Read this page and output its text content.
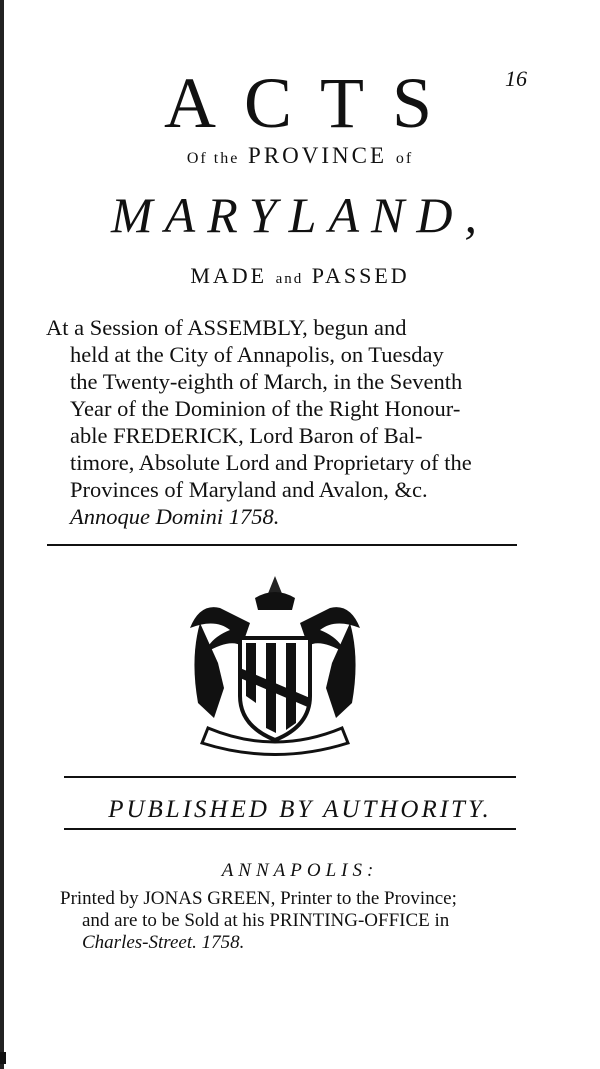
ACTS	16
Of the PROVINCE of
MARYLAND,
MADE and PASSED
At a Session of ASSEMBLY, begun and
held at the City of Annapolis, on Tuesday
the Twenty-eighth of March, in the Seventh
Year of the Dominion of the Right Honour-
able FREDERICK, Lord Baron of Bal-
timore, Absolute Lord and Proprietary of the
Provinces of Maryland and Avalon, &c.
Annoque Domini 1758.
PUBLISHED BY AUTHORITY.
ANNAPOLIS:
Printed by JONAS GREEN, Printer to the Province;
and are to be Sold at his PRINTING-OFFICE in
Charles-Street. 1758.
